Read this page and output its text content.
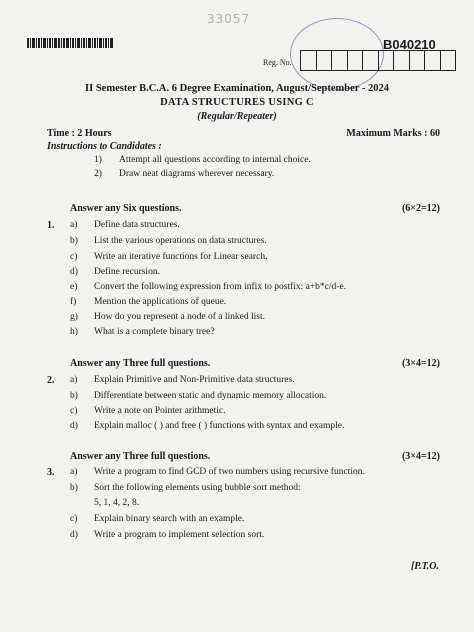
33057
B040210
Reg. No.
II Semester B.C.A. 6 Degree Examination, August/September - 2024
DATA STRUCTURES USING C
(Regular/Repeater)
Time : 2 Hours	Maximum Marks : 60
Instructions to Candidates :
1) Attempt all questions according to internal choice.
2) Draw neat diagrams wherever necessary.
Answer any Six questions.	(6×2=12)
1. a) Define data structures.
b) List the various operations on data structures.
c) Write an iterative functions for Linear search.
d) Define recursion.
e) Convert the following expression from infix to postfix: a+b*c/d-e.
f) Mention the applications of queue.
g) How do you represent a node of a linked list.
h) What is a complete binary tree?
Answer any Three full questions.	(3×4=12)
2. a) Explain Primitive and Non-Primitive data structures.
b) Differentiate between static and dynamic memory allocation.
c) Write a note on Pointer arithmetic.
d) Explain malloc ( ) and free ( ) functions with syntax and example.
Answer any Three full questions.	(3×4=12)
3. a) Write a program to find GCD of two numbers using recursive function.
b) Sort the following elements using bubble sort method:
5, 1, 4, 2, 8.
c) Explain binary search with an example.
d) Write a program to implement selection sort.
[P.T.O.
